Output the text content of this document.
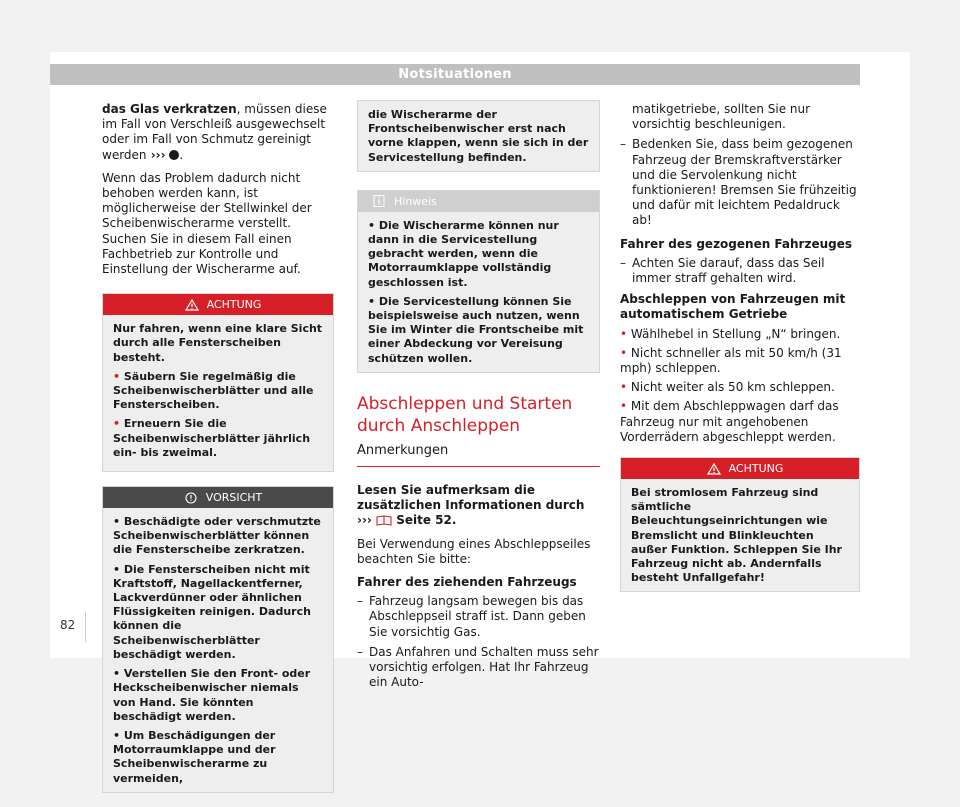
Notsituationen

das Glas verkratzen, müssen diese im Fall von Verschleiß ausgewechselt oder im Fall von Schmutz gereinigt werden ››› .

Wenn das Problem dadurch nicht behoben werden kann, ist möglicherweise der Stellwinkel der Scheibenwischerarme verstellt. Suchen Sie in diesem Fall einen Fachbetrieb zur Kontrolle und Einstellung der Wischerarme auf.

ACHTUNG

Nur fahren, wenn eine klare Sicht durch alle Fensterscheiben besteht.

• Säubern Sie regelmäßig die Scheibenwischerblätter und alle Fensterscheiben.

• Erneuern Sie die Scheibenwischerblätter jährlich ein- bis zweimal.

VORSICHT

• Beschädigte oder verschmutzte Scheibenwischerblätter können die Fensterscheibe zerkratzen.

• Die Fensterscheiben nicht mit Kraftstoff, Nagellackentferner, Lackverdünner oder ähnlichen Flüssigkeiten reinigen. Dadurch können die Scheibenwischerblätter beschädigt werden.

• Verstellen Sie den Front- oder Heckscheibenwischer niemals von Hand. Sie könnten beschädigt werden.

• Um Beschädigungen der Motorraumklappe und der Scheibenwischerarme zu vermeiden,

die Wischerarme der Frontscheibenwischer erst nach vorne klappen, wenn sie sich in der Servicestellung befinden.
Hinweis

• Die Wischerarme können nur dann in die Servicestellung gebracht werden, wenn die Motorraumklappe vollständig geschlossen ist.

• Die Servicestellung können Sie beispielsweise auch nutzen, wenn Sie im Winter die Frontscheibe mit einer Abdeckung vor Vereisung schützen wollen.

Abschleppen und Starten durch Anschleppen
Anmerkungen

Lesen Sie aufmerksam die zusätzlichen Informationen durch ››› Seite 52.

Bei Verwendung eines Abschleppseiles beachten Sie bitte:

Fahrer des ziehenden Fahrzeugs

– Fahrzeug langsam bewegen bis das Abschleppseil straff ist. Dann geben Sie vorsichtig Gas.
– Das Anfahren und Schalten muss sehr vorsichtig erfolgen. Hat Ihr Fahrzeug ein Auto-
matikgetriebe, sollten Sie nur vorsichtig beschleunigen.
– Bedenken Sie, dass beim gezogenen Fahrzeug der Bremskraftverstärker und die Servolenkung nicht funktionieren! Bremsen Sie frühzeitig und dafür mit leichtem Pedaldruck ab!

Fahrer des gezogenen Fahrzeuges

– Achten Sie darauf, dass das Seil immer straff gehalten wird.

Abschleppen von Fahrzeugen mit automatischem Getriebe

• Wählhebel in Stellung „N“ bringen.
• Nicht schneller als mit 50 km/h (31 mph) schleppen.
• Nicht weiter als 50 km schleppen.
• Mit dem Abschleppwagen darf das Fahrzeug nur mit angehobenen Vorderrädern abgeschleppt werden.
ACHTUNG
Bei stromlosem Fahrzeug sind sämtliche Beleuchtungseinrichtungen wie Bremslicht und Blinkleuchten außer Funktion. Schleppen Sie Ihr Fahrzeug nicht ab. Andernfalls besteht Unfallgefahr!
82
